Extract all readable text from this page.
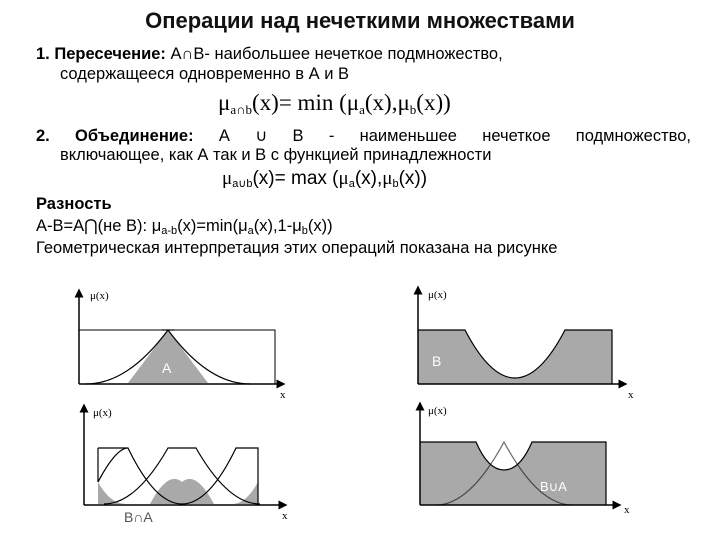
Операции над нечеткими множествами
1. Пересечение: A∩B- наибольшее нечеткое подмножество,
содержащееся одновременно в А и В
$\mu_{a\cap b}(x)= \min (\mu_a(x),\mu_b(x))$
2. Объединение: А ∪ В - наименьшее нечеткое подмножество,
включающее, как А так и В с функцией принадлежности
μa∪b(x)= max (μa(x),μb(x))
Разность
A-B=A⋂(не B): μa-b(x)=min(μa(x),1-μb(x))
Геометрическая интерпретация этих операций показана на рисунке
μ(x)
x
A
μ(x)
x
B
μ(x)
x
B∩A
μ(x)
x
B∪A
